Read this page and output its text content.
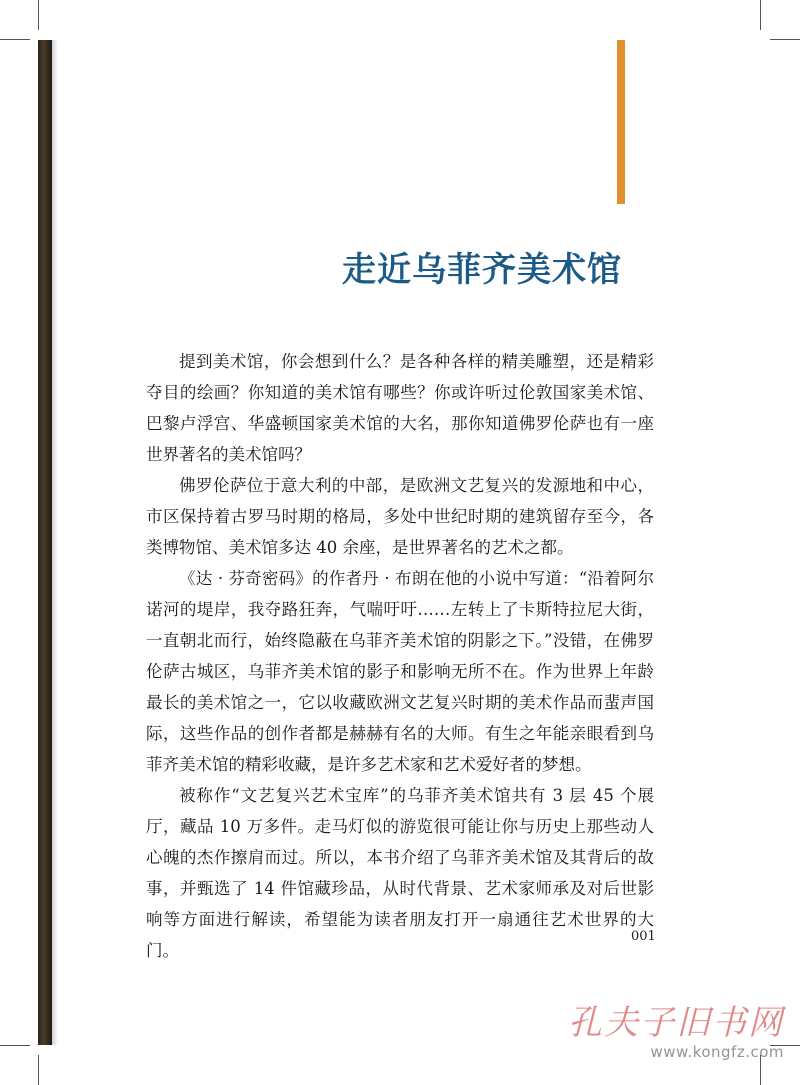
走近乌菲齐美术馆

提到美术馆，你会想到什么？是各种各样的精美雕塑，还是精彩夺目的绘画？你知道的美术馆有哪些？你或许听过伦敦国家美术馆、巴黎卢浮宫、华盛顿国家美术馆的大名，那你知道佛罗伦萨也有一座世界著名的美术馆吗？

佛罗伦萨位于意大利的中部，是欧洲文艺复兴的发源地和中心，市区保持着古罗马时期的格局，多处中世纪时期的建筑留存至今，各类博物馆、美术馆多达 40 余座，是世界著名的艺术之都。

《达 · 芬奇密码》的作者丹 · 布朗在他的小说中写道：“沿着阿尔诺河的堤岸，我夺路狂奔，气喘吁吁……左转上了卡斯特拉尼大街，一直朝北而行，始终隐蔽在乌菲齐美术馆的阴影之下。”没错，在佛罗伦萨古城区，乌菲齐美术馆的影子和影响无所不在。作为世界上年龄最长的美术馆之一，它以收藏欧洲文艺复兴时期的美术作品而蜚声国际，这些作品的创作者都是赫赫有名的大师。有生之年能亲眼看到乌菲齐美术馆的精彩收藏，是许多艺术家和艺术爱好者的梦想。

被称作“文艺复兴艺术宝库”的乌菲齐美术馆共有 3 层 45 个展厅，藏品 10 万多件。走马灯似的游览很可能让你与历史上那些动人心魄的杰作擦肩而过。所以，本书介绍了乌菲齐美术馆及其背后的故事，并甄选了 14 件馆藏珍品，从时代背景、艺术家师承及对后世影响等方面进行解读，希望能为读者朋友打开一扇通往艺术世界的大门。

001
孔夫子旧书网
www.kongfz.com
